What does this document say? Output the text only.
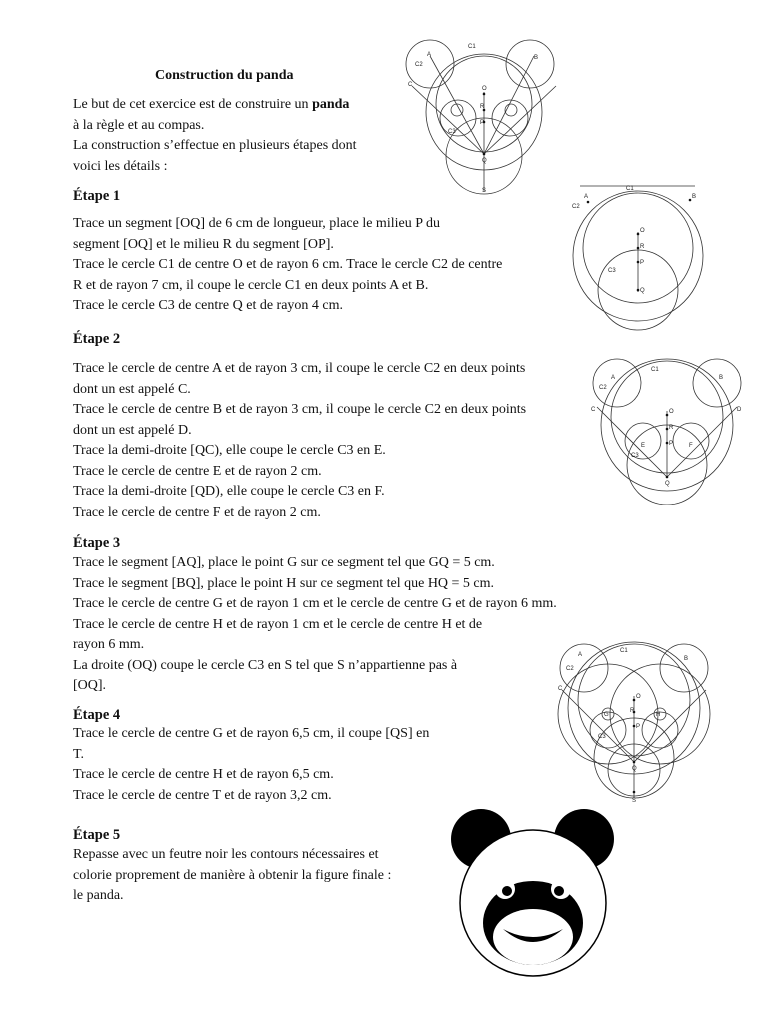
Construction du panda
Le but de cet exercice est de construire un panda
à la règle et au compas.
La construction s’effectue en plusieurs étapes dont
voici les détails :
Étape 1
Trace un segment [OQ] de 6 cm de longueur, place le milieu P du
segment [OQ] et le milieu R du segment [OP].
Trace le cercle C1 de centre O et de rayon 6 cm. Trace le cercle C2 de centre
R et de rayon 7 cm, il coupe le cercle C1 en deux points A et B.
Trace le cercle C3 de centre Q et de rayon 4 cm.
Étape 2
Trace le cercle de centre A et de rayon 3 cm, il coupe le cercle C2 en deux points
dont un est appelé C.
Trace le cercle de centre B et de rayon 3 cm, il coupe le cercle C2 en deux points
dont un est appelé D.
Trace la demi-droite [QC), elle coupe le cercle C3 en E.
Trace le cercle de centre E et de rayon 2 cm.
Trace la demi-droite [QD), elle coupe le cercle C3 en F.
Trace le cercle de centre F et de rayon 2 cm.
Étape 3
Trace le segment [AQ], place le point G sur ce segment tel que GQ = 5 cm.
Trace le segment [BQ], place le point H sur ce segment tel que HQ = 5 cm.
Trace le cercle de centre G et de rayon 1 cm et le cercle de centre G et de rayon 6 mm.
Trace le cercle de centre H et de rayon 1 cm et le cercle de centre H et de
rayon 6 mm.
La droite (OQ) coupe le cercle C3 en S tel que S n’appartienne pas à
[OQ].
Étape 4
Trace le cercle de centre G et de rayon 6,5 cm, il coupe [QS] en
T.
Trace le cercle de centre H et de rayon 6,5 cm.
Trace le cercle de centre T et de rayon 3,2 cm.
Étape 5
Repasse avec un feutre noir les contours nécessaires et
colorie proprement de manière à obtenir la figure finale :
le panda.
O
R
P
Q
S
A	B
C
C1
C2
C3
O
R
P
Q
A	B
C1
C2
C3
O
R
P
Q
A	B
C	D
C1
C2
C3
E	F
O
R
P
Q
S
A
B
C
C1
C2
C3
G	H
